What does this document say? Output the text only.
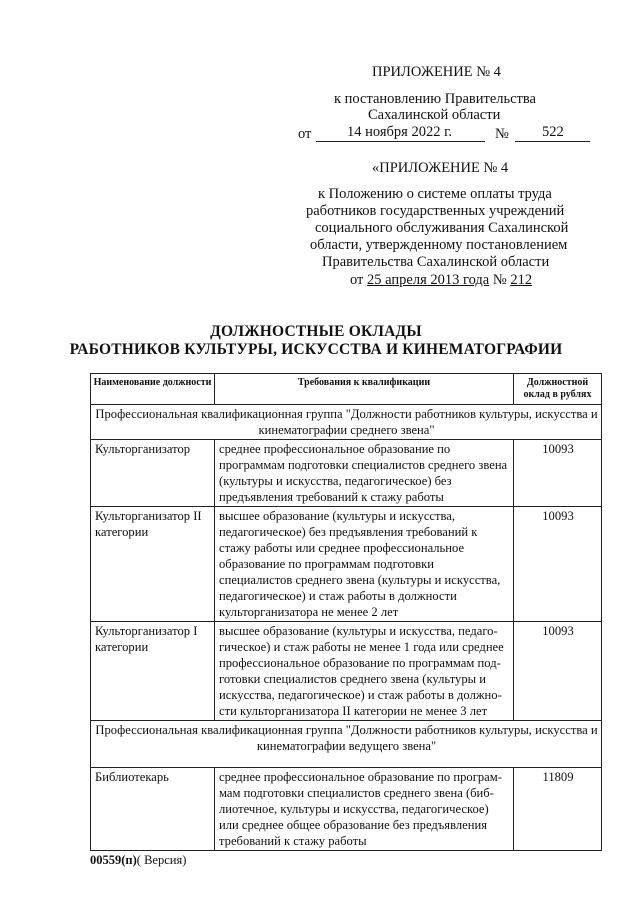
ПРИЛОЖЕНИЕ № 4
к постановлению Правительства
Сахалинской области
от 14 ноября 2022 г.	№ 522
«ПРИЛОЖЕНИЕ № 4
к Положению о системе оплаты труда
работников государственных учреждений
социального обслуживания Сахалинской
области, утвержденному постановлением
Правительства Сахалинской области
от 25 апреля 2013 года № 212
ДОЛЖНОСТНЫЕ ОКЛАДЫ
РАБОТНИКОВ КУЛЬТУРЫ, ИСКУССТВА И КИНЕМАТОГРАФИИ
Наименование должности	Требования к квалификации	Должностной оклад в рублях
Профессиональная квалификационная группа "Должности работников культуры, искусства и кинематографии среднего звена"		
Культорганизатор	среднее профессиональное образование по программам подготовки специалистов среднего звена (культуры и искусства, педагогическое) без предъявления требований к стажу работы	10093
Культорганизатор II категории	высшее образование (культуры и искусства, педагогическое) без предъявления требований к стажу работы или среднее профессиональное образование по программам подготовки специалистов среднего звена (культуры и искусства, педагогическое) и стаж работы в должности культорганизатора не менее 2 лет	10093
Культорганизатор I категории	высшее образование (культуры и искусства, педаго-гическое) и стаж работы не менее 1 года или среднее профессиональное образование по программам под-готовки специалистов среднего звена (культуры и искусства, педагогическое) и стаж работы в должно-сти культорганизатора II категории не менее 3 лет	10093
Профессиональная квалификационная группа "Должности работников культуры, искусства и кинематографии ведущего звена"		
Библиотекарь	среднее профессиональное образование по програм-мам подготовки специалистов среднего звена (биб-лиотечное, культуры и искусства, педагогическое) или среднее общее образование без предъявления требований к стажу работы	11809
00559(п)( Версия)
